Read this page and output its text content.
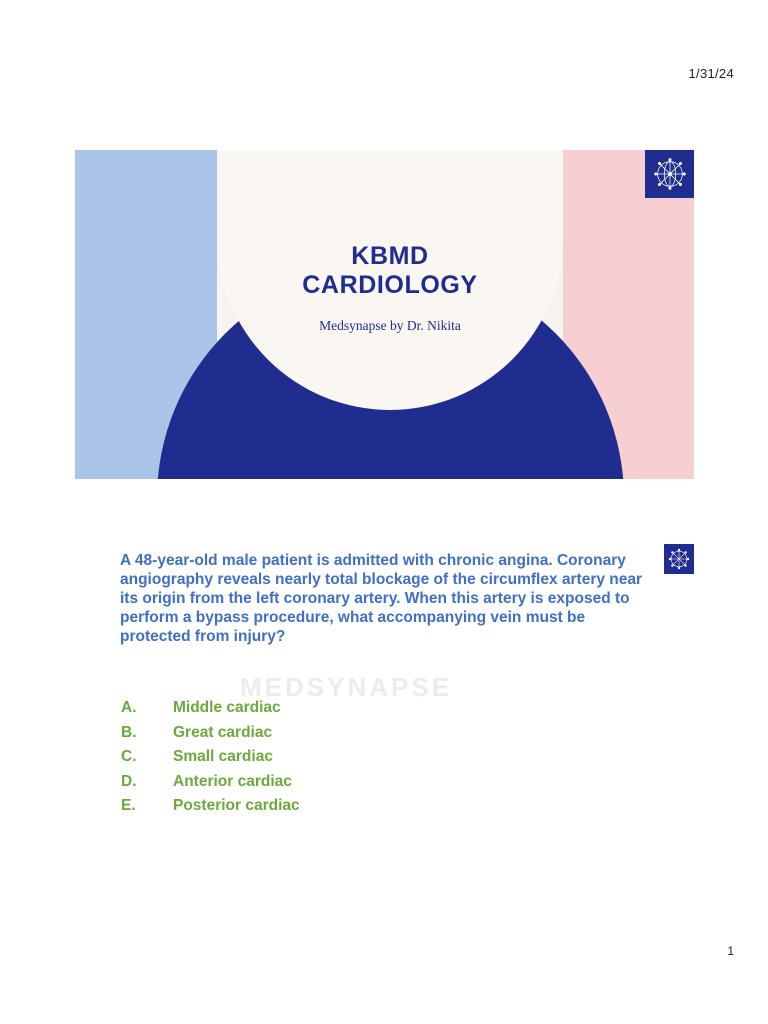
1/31/24
KBMD
CARDIOLOGY
Medsynapse by Dr. Nikita
MEDSYNAPSE

A 48-year-old male patient is admitted with chronic angina. Coronary angiography reveals nearly total blockage of the circumflex artery near its origin from the left coronary artery. When this artery is exposed to perform a bypass procedure, what accompanying vein must be protected from injury?

A.	Middle cardiac
B.	Great cardiac
C.	Small cardiac
D.	Anterior cardiac
E.	Posterior cardiac
1
